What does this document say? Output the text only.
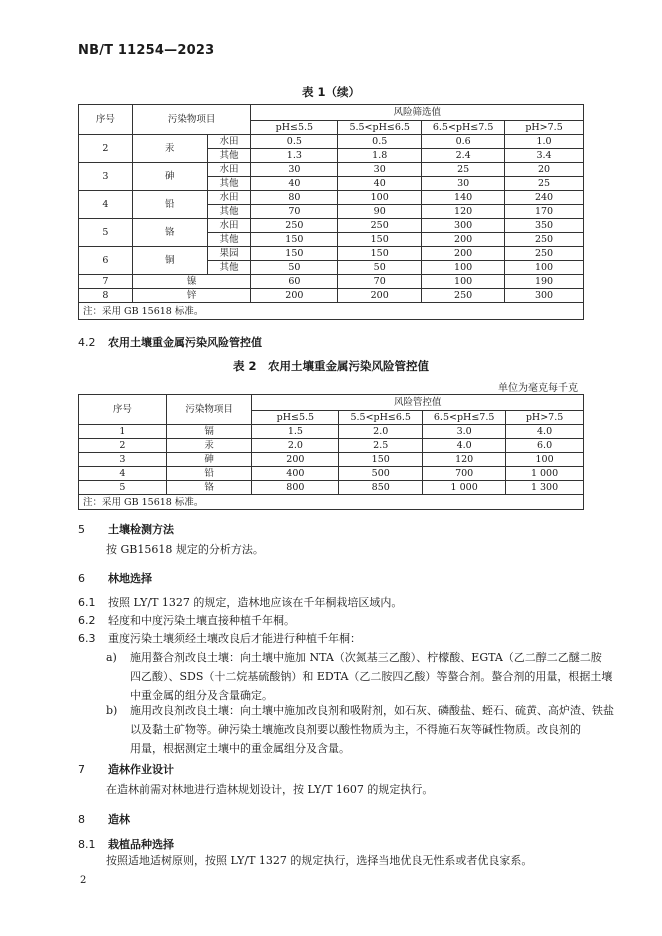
NB/T 11254—2023
表 1（续）
序号	污染物项目		风险筛选值			
			pH≤5.5	5.5<pH≤6.5	6.5<pH≤7.5	pH>7.5
2	汞	水田	0.5	0.5	0.6	1.0
		其他	1.3	1.8	2.4	3.4
3	砷	水田	30	30	25	20
		其他	40	40	30	25
4	铅	水田	80	100	140	240
		其他	70	90	120	170
5	铬	水田	250	250	300	350
		其他	150	150	200	250
6	铜	果园	150	150	200	250
		其他	50	50	100	100
7	镍		60	70	100	190
8	锌		200	200	250	300
注：采用 GB 15618 标准。						
4.2 农用土壤重金属污染风险管控值
表 2　农用土壤重金属污染风险管控值
单位为毫克每千克
序号	污染物项目	风险管控值			
		pH≤5.5	5.5<pH≤6.5	6.5<pH≤7.5	pH>7.5
1	镉	1.5	2.0	3.0	4.0
2	汞	2.0	2.5	4.0	6.0
3	砷	200	150	120	100
4	铅	400	500	700	1 000
5	铬	800	850	1 000	1 300
注：采用 GB 15618 标准。					
5 土壤检测方法
按 GB15618 规定的分析方法。
6 林地选择
6.1 按照 LY/T 1327 的规定，造林地应该在千年桐栽培区域内。
6.2 轻度和中度污染土壤直接种植千年桐。
6.3 重度污染土壤须经土壤改良后才能进行种植千年桐：
a) 施用螯合剂改良土壤：向土壤中施加 NTA（次氮基三乙酸）、柠檬酸、EGTA（乙二醇二乙醚二胺
四乙酸）、SDS（十二烷基硫酸钠）和 EDTA（乙二胺四乙酸）等螯合剂。螯合剂的用量，根据土壤
中重金属的组分及含量确定。
b) 施用改良剂改良土壤：向土壤中施加改良剂和吸附剂，如石灰、磷酸盐、蛭石、硫黄、高炉渣、铁盐
以及黏土矿物等。砷污染土壤施改良剂要以酸性物质为主，不得施石灰等碱性物质。改良剂的
用量，根据测定土壤中的重金属组分及含量。
7 造林作业设计
在造林前需对林地进行造林规划设计，按 LY/T 1607 的规定执行。
8 造林
8.1 栽植品种选择
按照适地适树原则，按照 LY/T 1327 的规定执行，选择当地优良无性系或者优良家系。
2
